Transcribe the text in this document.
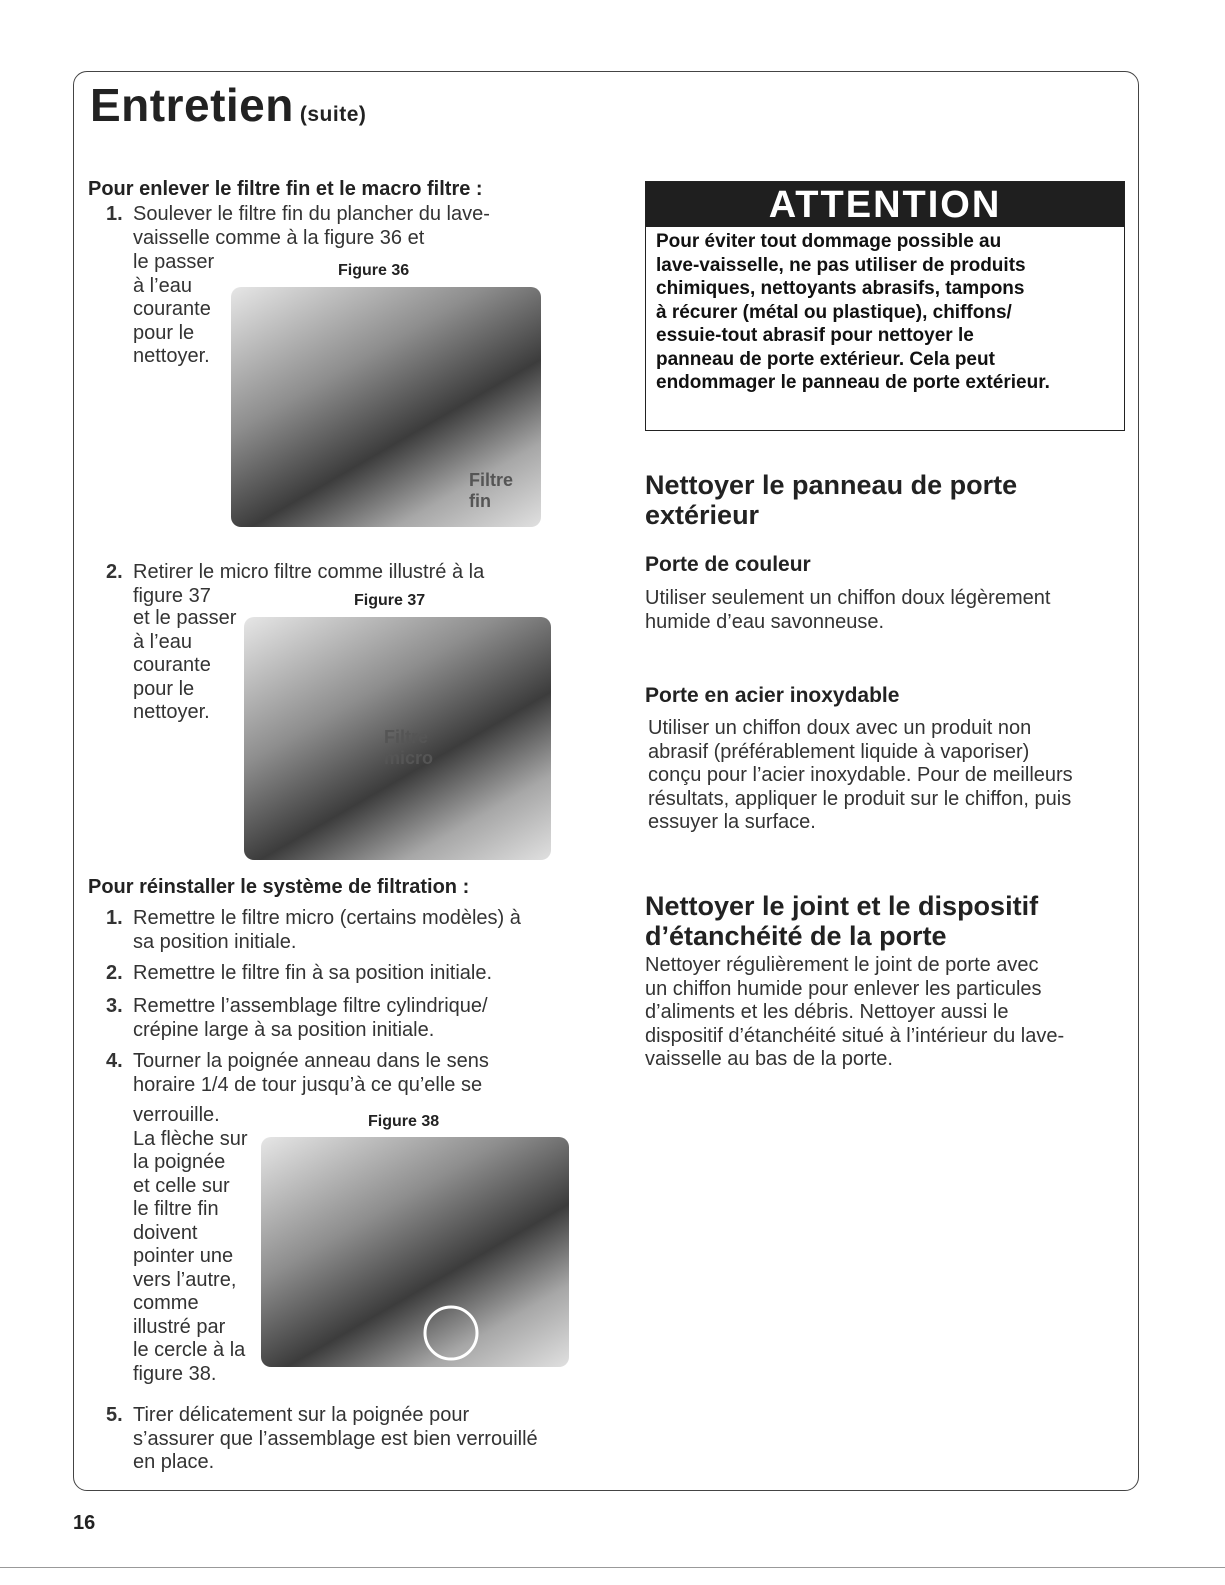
Entretien (suite)
Pour enlever le filtre fin et le macro filtre :
1. Soulever le filtre fin du plancher du lave-
vaisselle comme à la figure 36 et
le passer
à l’eau
courante
pour le
nettoyer.
Figure 36
Filtre
fin
2. Retirer le micro filtre comme illustré à la
figure 37
et le passer
à l’eau
courante
pour le
nettoyer.
Figure 37
Filtre
micro
Pour réinstaller le système de filtration :
1. Remettre le filtre micro (certains modèles) à
sa position initiale.
2. Remettre le filtre fin à sa position initiale.
3. Remettre l’assemblage filtre cylindrique/
crépine large à sa position initiale.
4. Tourner la poignée anneau dans le sens
horaire 1/4 de tour jusqu’à ce qu’elle se
verrouille.
La flèche sur
la poignée
et celle sur
le filtre fin
doivent
pointer une
vers l’autre,
comme
illustré par
le cercle à la
figure 38.
Figure 38
5. Tirer délicatement sur la poignée pour
s’assurer que l’assemblage est bien verrouillé
en place.
ATTENTION
Pour éviter tout dommage possible au
lave-vaisselle, ne pas utiliser de produits
chimiques, nettoyants abrasifs, tampons
à récurer (métal ou plastique), chiffons/
essuie-tout abrasif pour nettoyer le
panneau de porte extérieur. Cela peut
endommager le panneau de porte extérieur.
Nettoyer le panneau de porte
extérieur
Porte de couleur
Utiliser seulement un chiffon doux légèrement
humide d’eau savonneuse.
Porte en acier inoxydable
Utiliser un chiffon doux avec un produit non
abrasif (préférablement liquide à vaporiser)
conçu pour l’acier inoxydable. Pour de meilleurs
résultats, appliquer le produit sur le chiffon, puis
essuyer la surface.
Nettoyer le joint et le dispositif
d’étanchéité de la porte
Nettoyer régulièrement le joint de porte avec
un chiffon humide pour enlever les particules
d’aliments et les débris. Nettoyer aussi le
dispositif d’étanchéité situé à l’intérieur du lave-
vaisselle au bas de la porte.
16
